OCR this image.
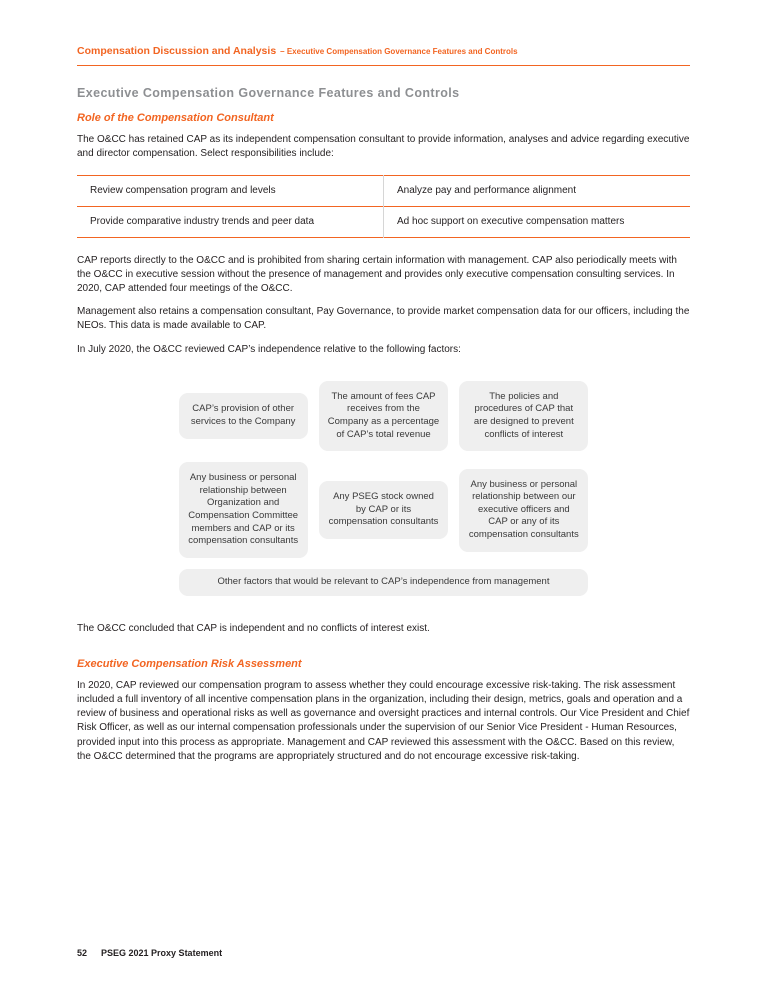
Compensation Discussion and Analysis – Executive Compensation Governance Features and Controls
Executive Compensation Governance Features and Controls
Role of the Compensation Consultant

The O&CC has retained CAP as its independent compensation consultant to provide information, analyses and advice regarding executive and director compensation. Select responsibilities include:

Review compensation program and levels	Analyze pay and performance alignment
Provide comparative industry trends and peer data	Ad hoc support on executive compensation matters

CAP reports directly to the O&CC and is prohibited from sharing certain information with management. CAP also periodically meets with the O&CC in executive session without the presence of management and provides only executive compensation consulting services. In 2020, CAP attended four meetings of the O&CC.

Management also retains a compensation consultant, Pay Governance, to provide market compensation data for our officers, including the NEOs. This data is made available to CAP.

In July 2020, the O&CC reviewed CAP’s independence relative to the following factors:

CAP’s provision of other services to the Company
The amount of fees CAP receives from the Company as a percentage of CAP’s total revenue
The policies and procedures of CAP that are designed to prevent conflicts of interest
Any business or personal relationship between Organization and Compensation Committee members and CAP or its compensation consultants
Any PSEG stock owned by CAP or its compensation consultants
Any business or personal relationship between our executive officers and CAP or any of its compensation consultants
Other factors that would be relevant to CAP’s independence from management

The O&CC concluded that CAP is independent and no conflicts of interest exist.

Executive Compensation Risk Assessment

In 2020, CAP reviewed our compensation program to assess whether they could encourage excessive risk-taking. The risk assessment included a full inventory of all incentive compensation plans in the organization, including their design, metrics, goals and operation and a review of business and operational risks as well as governance and oversight practices and internal controls. Our Vice President and Chief Risk Officer, as well as our internal compensation professionals under the supervision of our Senior Vice President - Human Resources, provided input into this process as appropriate. Management and CAP reviewed this assessment with the O&CC. Based on this review, the O&CC determined that the programs are appropriately structured and do not encourage excessive risk-taking.

52 PSEG 2021 Proxy Statement
